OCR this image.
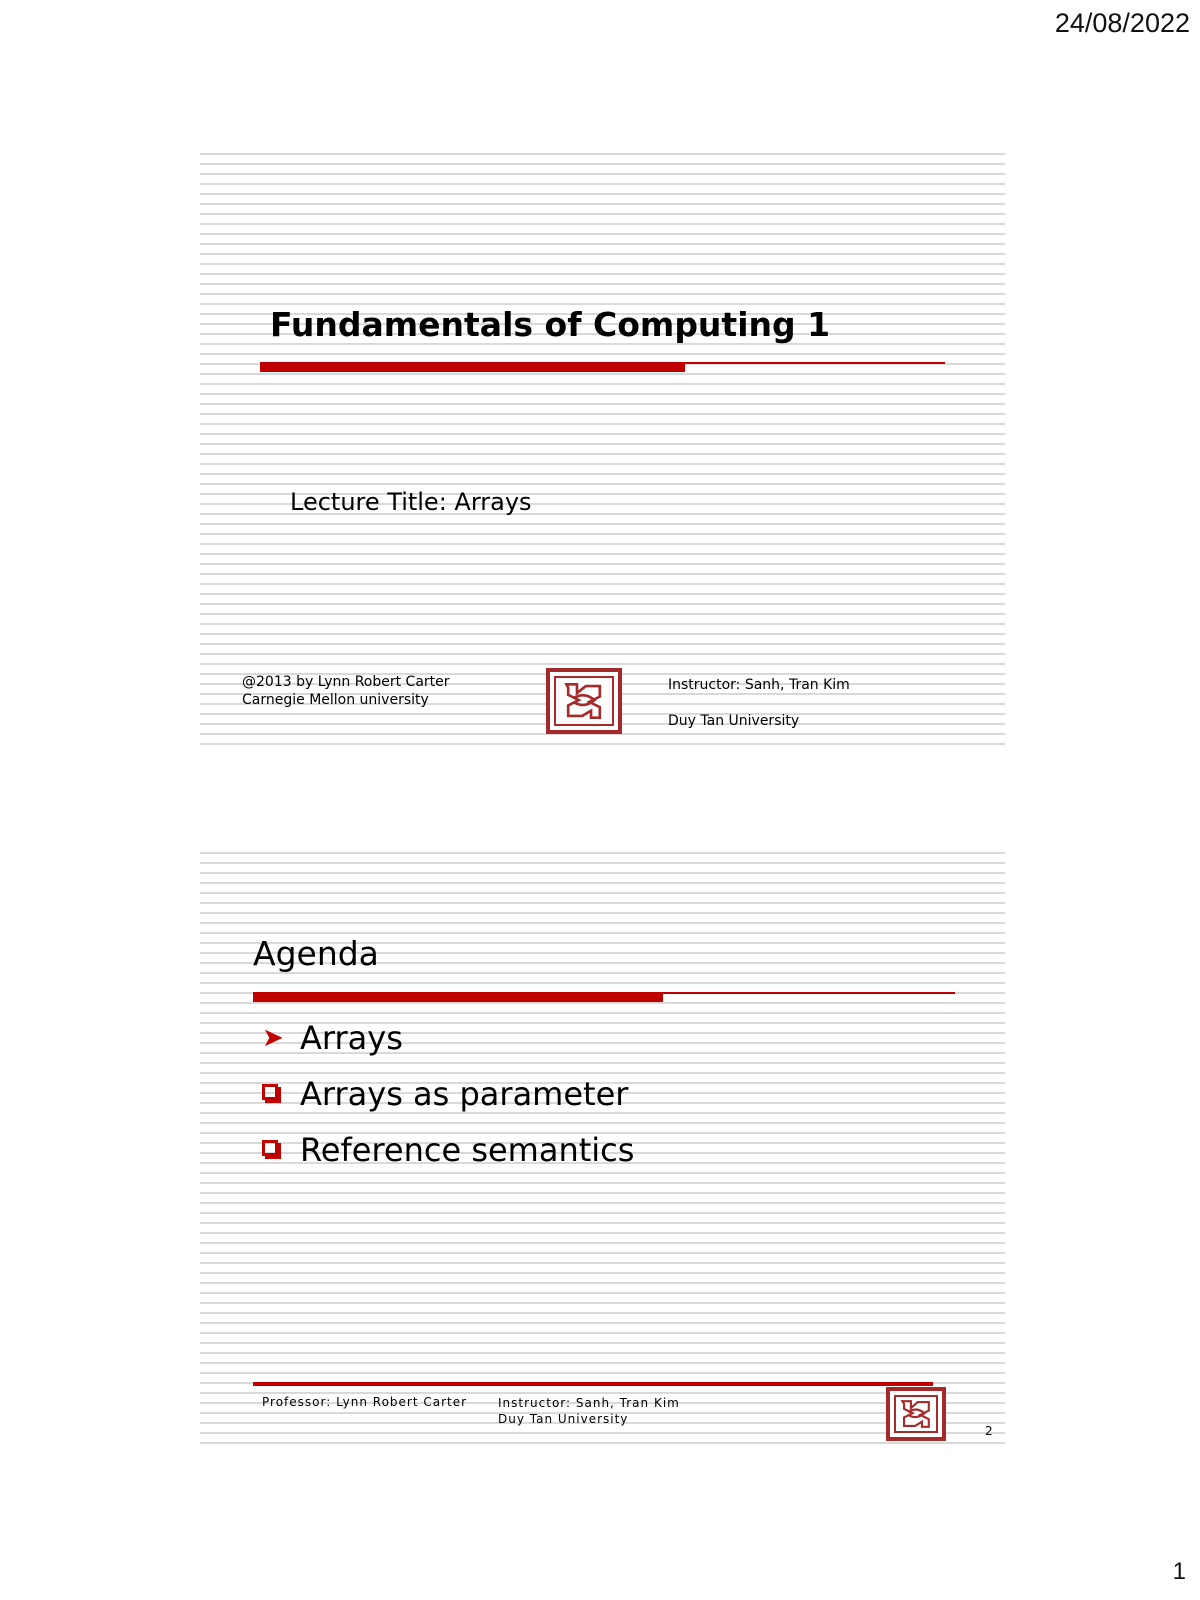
24/08/2022
Fundamentals of Computing 1
Lecture Title: Arrays
@2013 by Lynn Robert Carter
Carnegie Mellon university
Instructor: Sanh, Tran Kim
Duy Tan University
Agenda
➤ Arrays
Arrays as parameter
Reference semantics
Professor: Lynn Robert Carter	Instructor: Sanh, Tran Kim
Duy Tan University
2
1
